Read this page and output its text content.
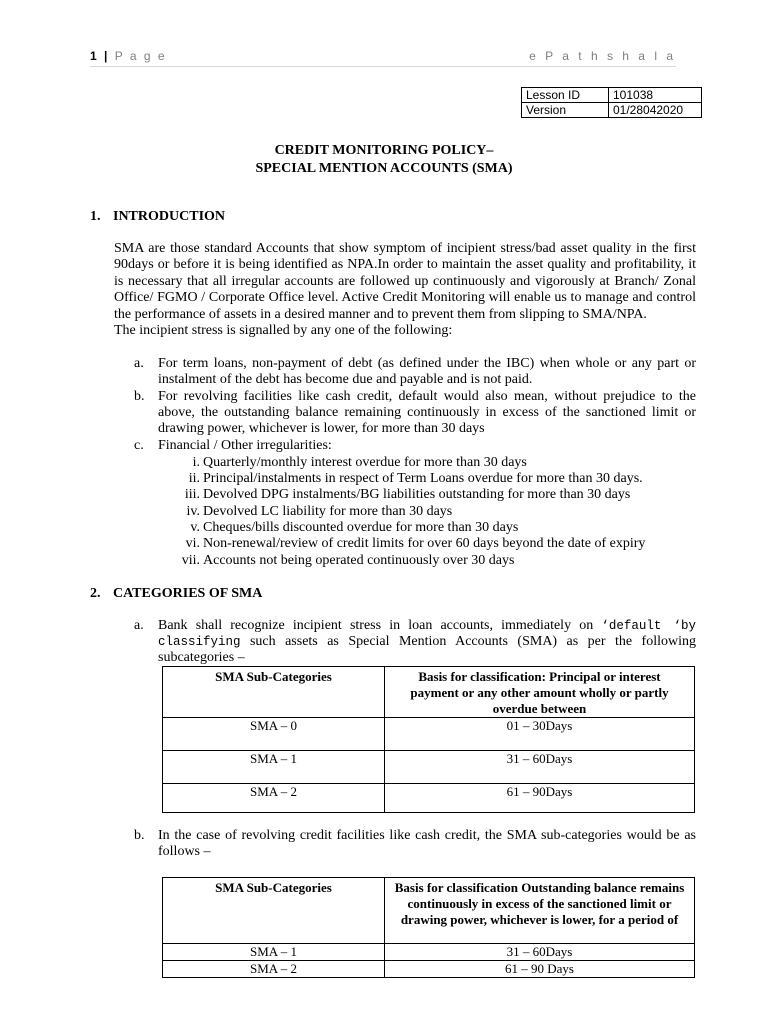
1 | P a g e	e P a t h s h a l a
Lesson ID	101038
Version	01/28042020
CREDIT MONITORING POLICY–
SPECIAL MENTION ACCOUNTS (SMA)
1. INTRODUCTION
SMA are those standard Accounts that show symptom of incipient stress/bad asset quality in the first 90days or before it is being identified as NPA.In order to maintain the asset quality and profitability, it is necessary that all irregular accounts are followed up continuously and vigorously at Branch/ Zonal Office/ FGMO / Corporate Office level. Active Credit Monitoring will enable us to manage and control the performance of assets in a desired manner and to prevent them from slipping to SMA/NPA.
The incipient stress is signalled by any one of the following:
a. For term loans, non-payment of debt (as defined under the IBC) when whole or any part or instalment of the debt has become due and payable and is not paid.
b. For revolving facilities like cash credit, default would also mean, without prejudice to the above, the outstanding balance remaining continuously in excess of the sanctioned limit or drawing power, whichever is lower, for more than 30 days
c. Financial / Other irregularities:
i. Quarterly/monthly interest overdue for more than 30 days
ii. Principal/instalments in respect of Term Loans overdue for more than 30 days.
iii. Devolved DPG instalments/BG liabilities outstanding for more than 30 days
iv. Devolved LC liability for more than 30 days
v. Cheques/bills discounted overdue for more than 30 days
vi. Non-renewal/review of credit limits for over 60 days beyond the date of expiry
vii. Accounts not being operated continuously over 30 days
2. CATEGORIES OF SMA
a. Bank shall recognize incipient stress in loan accounts, immediately on ‘default ‘by classifying such assets as Special Mention Accounts (SMA) as per the following subcategories –
SMA Sub-Categories	Basis for classification: Principal or interest payment or any other amount wholly or partly overdue between
SMA – 0	01 – 30Days
SMA – 1	31 – 60Days
SMA – 2	61 – 90Days
b. In the case of revolving credit facilities like cash credit, the SMA sub-categories would be as follows –
SMA Sub-Categories	Basis for classification Outstanding balance remains continuously in excess of the sanctioned limit or drawing power, whichever is lower, for a period of
SMA – 1	31 – 60Days
SMA – 2	61 – 90 Days
